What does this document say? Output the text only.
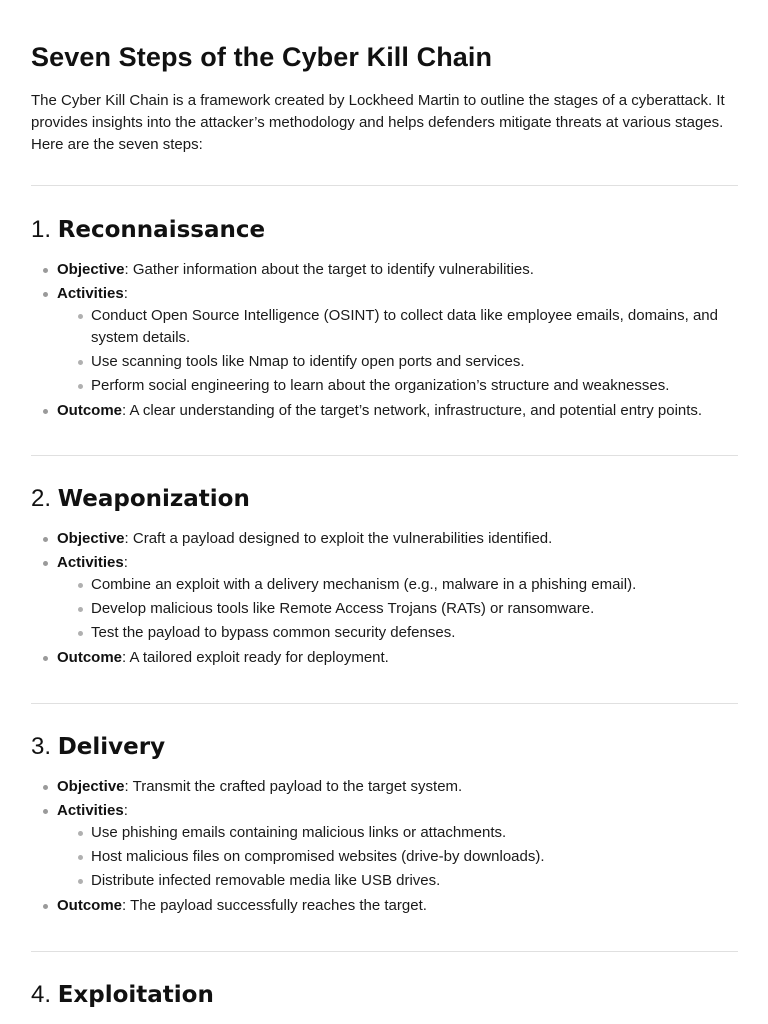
Seven Steps of the Cyber Kill Chain

The Cyber Kill Chain is a framework created by Lockheed Martin to outline the stages of a cyberattack. It provides insights into the attacker’s methodology and helps defenders mitigate threats at various stages. Here are the seven steps:

1. Reconnaissance
Objective: Gather information about the target to identify vulnerabilities.
Activities:
Conduct Open Source Intelligence (OSINT) to collect data like employee emails, domains, and system details.
Use scanning tools like Nmap to identify open ports and services.
Perform social engineering to learn about the organization’s structure and weaknesses.
Outcome: A clear understanding of the target’s network, infrastructure, and potential entry points.
2. Weaponization
Objective: Craft a payload designed to exploit the vulnerabilities identified.
Activities:
Combine an exploit with a delivery mechanism (e.g., malware in a phishing email).
Develop malicious tools like Remote Access Trojans (RATs) or ransomware.
Test the payload to bypass common security defenses.
Outcome: A tailored exploit ready for deployment.
3. Delivery
Objective: Transmit the crafted payload to the target system.
Activities:
Use phishing emails containing malicious links or attachments.
Host malicious files on compromised websites (drive-by downloads).
Distribute infected removable media like USB drives.
Outcome: The payload successfully reaches the target.
4. Exploitation
